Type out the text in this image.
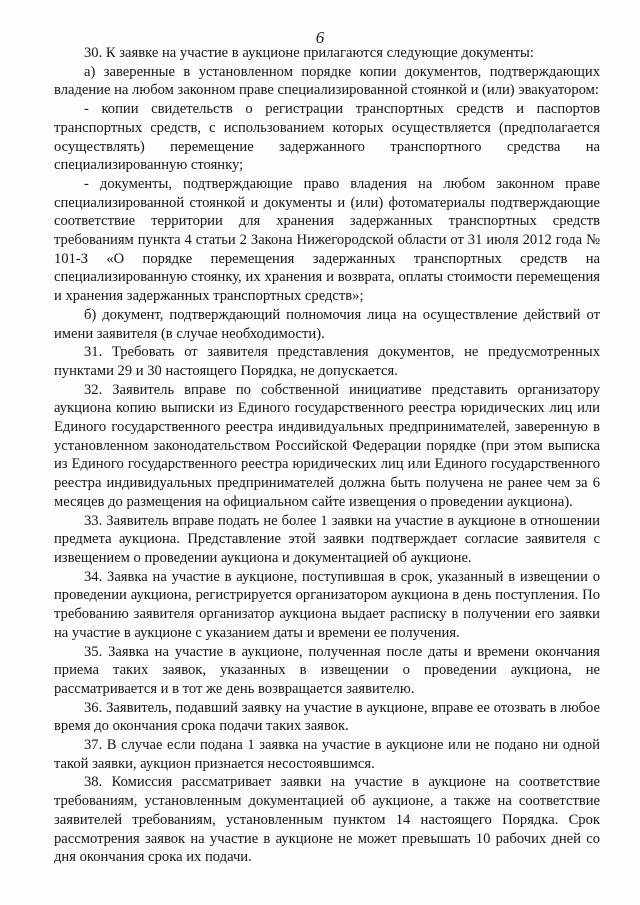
6

30. К заявке на участие в аукционе прилагаются следующие документы:

а) заверенные в установленном порядке копии документов, подтверждающих владение на любом законном праве специализированной стоянкой и (или) эвакуатором:

- копии свидетельств о регистрации транспортных средств и паспортов транспортных средств, с использованием которых осуществляется (предполагается осуществлять) перемещение задержанного транспортного средства на специализированную стоянку;

- документы, подтверждающие право владения на любом законном праве специализированной стоянкой и документы и (или) фотоматериалы подтверждающие соответствие территории для хранения задержанных транспортных средств требованиям пункта 4 статьи 2 Закона Нижегородской области от 31 июля 2012 года № 101-З «О порядке перемещения задержанных транспортных средств на специализированную стоянку, их хранения и возврата, оплаты стоимости перемещения и хранения задержанных транспортных средств»;

б) документ, подтверждающий полномочия лица на осуществление действий от имени заявителя (в случае необходимости).

31. Требовать от заявителя представления документов, не предусмотренных пунктами 29 и 30 настоящего Порядка, не допускается.

32. Заявитель вправе по собственной инициативе представить организатору аукциона копию выписки из Единого государственного реестра юридических лиц или Единого государственного реестра индивидуальных предпринимателей, заверенную в установленном законодательством Российской Федерации порядке (при этом выписка из Единого государственного реестра юридических лиц или Единого государственного реестра индивидуальных предпринимателей должна быть получена не ранее чем за 6 месяцев до размещения на официальном сайте извещения о проведении аукциона).

33. Заявитель вправе подать не более 1 заявки на участие в аукционе в отношении предмета аукциона. Представление этой заявки подтверждает согласие заявителя с извещением о проведении аукциона и документацией об аукционе.

34. Заявка на участие в аукционе, поступившая в срок, указанный в извещении о проведении аукциона, регистрируется организатором аукциона в день поступления. По требованию заявителя организатор аукциона выдает расписку в получении его заявки на участие в аукционе с указанием даты и времени ее получения.

35. Заявка на участие в аукционе, полученная после даты и времени окончания приема таких заявок, указанных в извещении о проведении аукциона, не рассматривается и в тот же день возвращается заявителю.

36. Заявитель, подавший заявку на участие в аукционе, вправе ее отозвать в любое время до окончания срока подачи таких заявок.

37. В случае если подана 1 заявка на участие в аукционе или не подано ни одной такой заявки, аукцион признается несостоявшимся.

38. Комиссия рассматривает заявки на участие в аукционе на соответствие требованиям, установленным документацией об аукционе, а также на соответствие заявителей требованиям, установленным пунктом 14 настоящего Порядка. Срок рассмотрения заявок на участие в аукционе не может превышать 10 рабочих дней со дня окончания срока их подачи.
